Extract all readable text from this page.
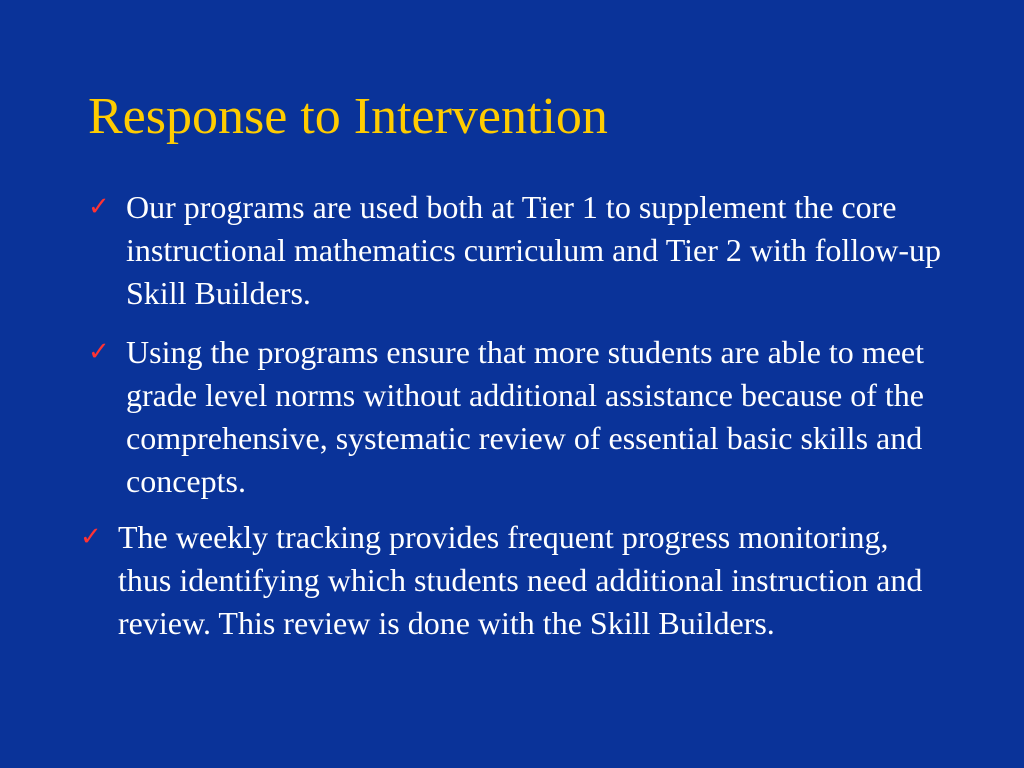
Response to Intervention
✓ Our programs are used both at Tier 1 to supplement the core instructional mathematics curriculum and Tier 2 with follow-up Skill Builders.
✓ Using the programs ensure that more students are able to meet grade level norms without additional assistance because of the comprehensive, systematic review of essential basic skills and concepts.
✓ The weekly tracking provides frequent progress monitoring, thus identifying which students need additional instruction and review. This review is done with the Skill Builders.
